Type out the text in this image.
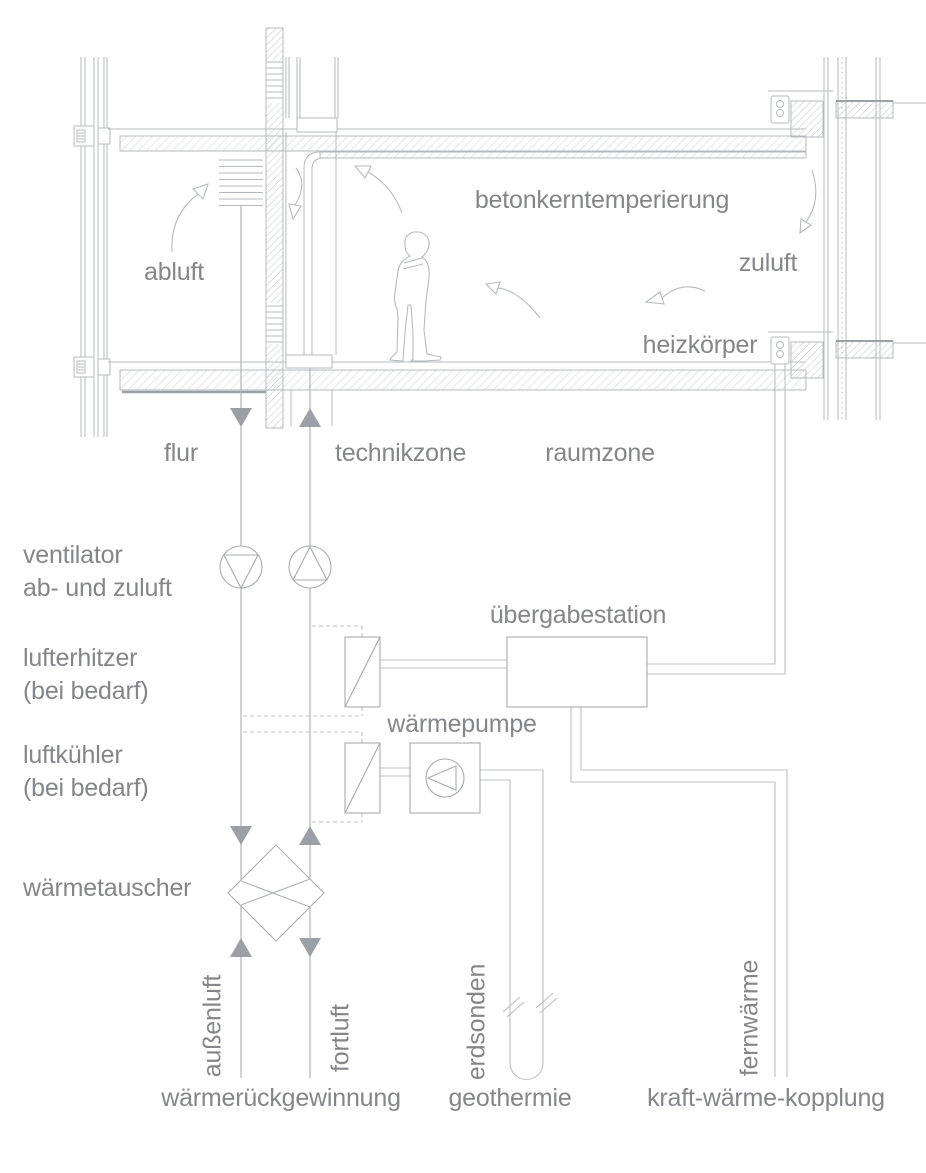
abluft
betonkerntemperierung
zuluft
heizkörper
flur	technikzone	raumzone
ventilator
ab- und zuluft
lufterhitzer
(bei bedarf)
luftkühler
(bei bedarf)
wärmetauscher
übergabestation
wärmepumpe
außenluft	fortluft	erdsonden	fernwärme
wärmerückgewinnung geothermie	kraft-wärme-kopplung
